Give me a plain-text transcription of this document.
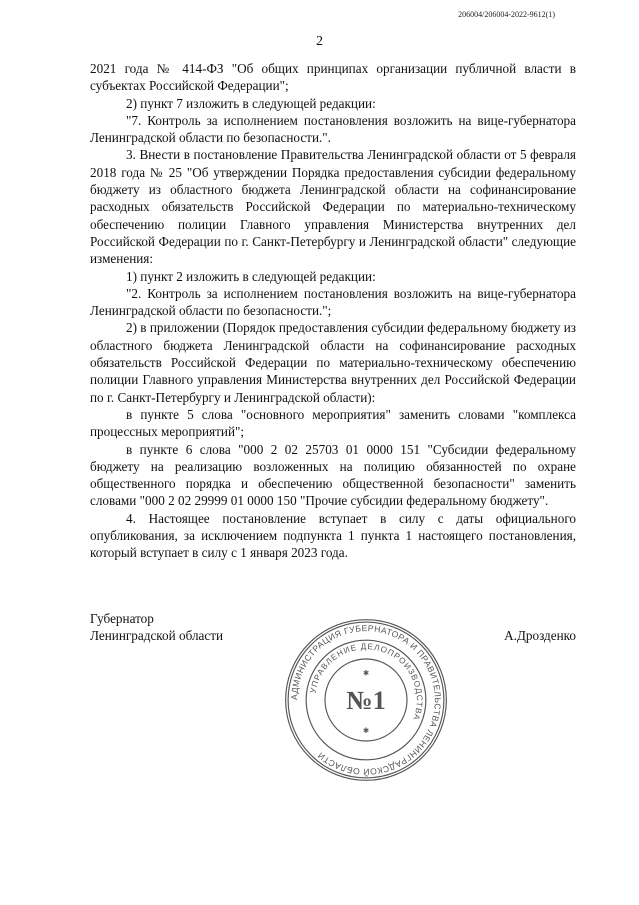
206004/206004-2022-9612(1)
2

2021 года № 414-ФЗ "Об общих принципах организации публичной власти в субъектах Российской Федерации";

2) пункт 7 изложить в следующей редакции:

"7. Контроль за исполнением постановления возложить на вице-губернатора Ленинградской области по безопасности.".

3. Внести в постановление Правительства Ленинградской области от 5 февраля 2018 года № 25 "Об утверждении Порядка предоставления субсидии федеральному бюджету из областного бюджета Ленинградской области на софинансирование расходных обязательств Российской Федерации по материально-техническому обеспечению полиции Главного управления Министерства внутренних дел Российской Федерации по г. Санкт-Петербургу и Ленинградской области" следующие изменения:

1) пункт 2 изложить в следующей редакции:

"2. Контроль за исполнением постановления возложить на вице-губернатора Ленинградской области по безопасности.";

2) в приложении (Порядок предоставления субсидии федеральному бюджету из областного бюджета Ленинградской области на софинансирование расходных обязательств Российской Федерации по материально-техническому обеспечению полиции Главного управления Министерства внутренних дел Российской Федерации по г. Санкт-Петербургу и Ленинградской области):

в пункте 5 слова "основного мероприятия" заменить словами "комплекса процессных мероприятий";

в пункте 6 слова "000 2 02 25703 01 0000 151 "Субсидии федеральному бюджету на реализацию возложенных на полицию обязанностей по охране общественного порядка и обеспечению общественной безопасности" заменить словами "000 2 02 29999 01 0000 150 "Прочие субсидии федеральному бюджету".

4. Настоящее постановление вступает в силу с даты официального опубликования, за исключением подпункта 1 пункта 1 настоящего постановления, который вступает в силу с 1 января 2023 года.

Губернатор
Ленинградской области	А.Дрозденко
АДМИНИСТРАЦИЯ ГУБЕРНАТОРА И ПРАВИТЕЛЬСТВА ЛЕНИНГРАДСКОЙ ОБЛАСТИ
УПРАВЛЕНИЕ ДЕЛОПРОИЗВОДСТВА
№1
✱
✱
